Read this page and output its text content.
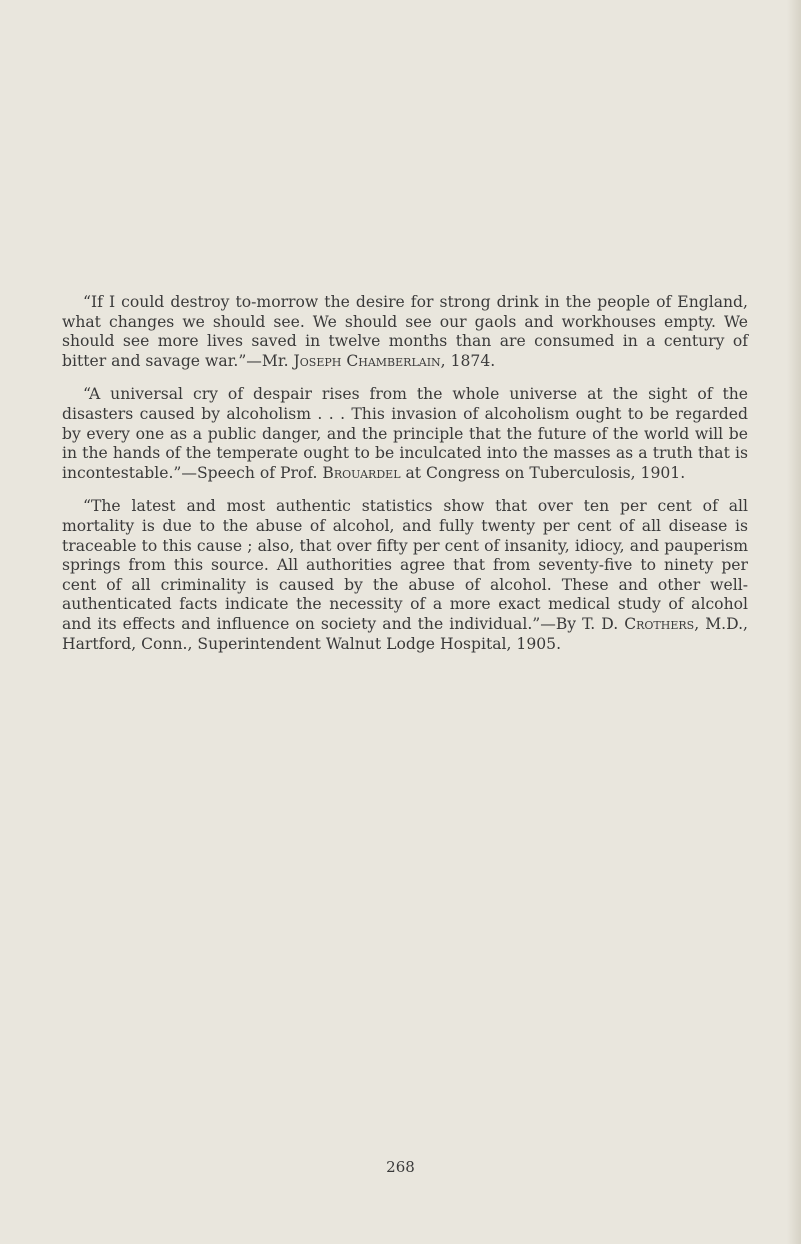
“If I could destroy to-morrow the desire for strong drink in the people of England, what changes we should see. We should see our gaols and workhouses empty. We should see more lives saved in twelve months than are consumed in a century of bitter and savage war.”—Mr. Joseph Chamberlain, 1874.

“A universal cry of despair rises from the whole universe at the sight of the disasters caused by alcoholism . . . This invasion of alcoholism ought to be regarded by every one as a public danger, and the principle that the future of the world will be in the hands of the temperate ought to be inculcated into the masses as a truth that is incontestable.”—Speech of Prof. Brouardel at Congress on Tuberculosis, 1901.

“The latest and most authentic statistics show that over ten per cent of all mortality is due to the abuse of alcohol, and fully twenty per cent of all disease is traceable to this cause ; also, that over fifty per cent of insanity, idiocy, and pauperism springs from this source. All authorities agree that from seventy-five to ninety per cent of all criminality is caused by the abuse of alcohol. These and other well-authenticated facts indicate the necessity of a more exact medical study of alcohol and its effects and influence on society and the individual.”—By T. D. Crothers, M.D., Hartford, Conn., Superintendent Walnut Lodge Hospital, 1905.

268
